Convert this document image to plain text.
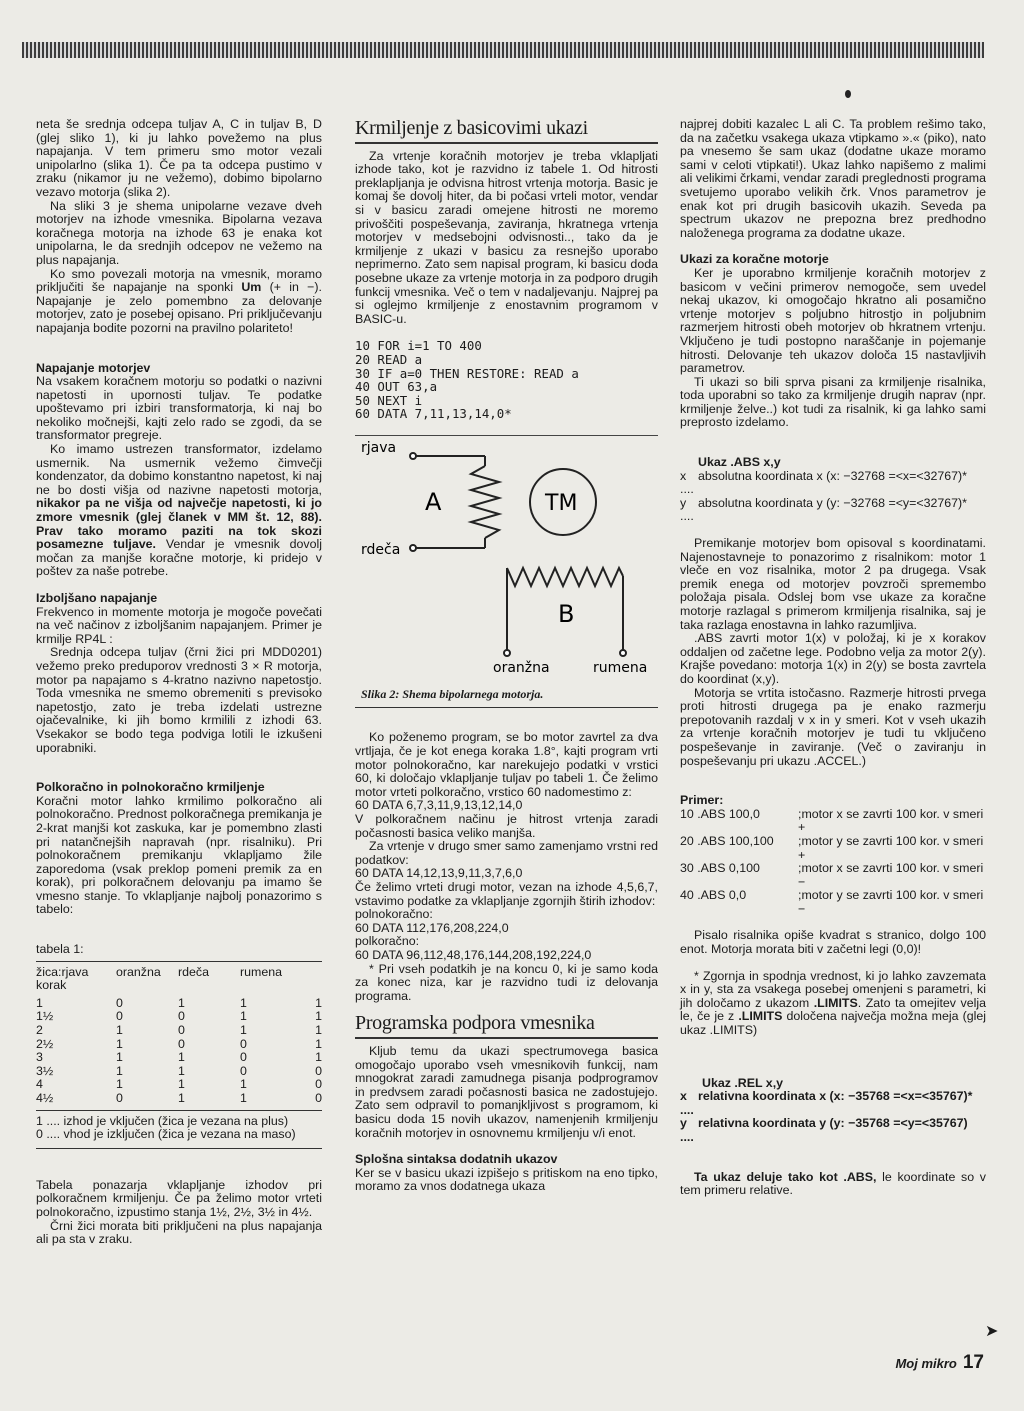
neta še srednja odcepa tuljav A, C in tuljav B, D (glej sliko 1), ki ju lahko povežemo na plus napajanja. V tem primeru smo motor vezali unipolarlno (slika 1). Če pa ta odcepa pustimo v zraku (nikamor ju ne vežemo), dobimo bipolarno vezavo motorja (slika 2).

Na sliki 3 je shema unipolarne vezave dveh motorjev na izhode vmesnika. Bipolarna vezava koračnega motorja na izhode 63 je enaka kot unipolarna, le da srednjih odcepov ne vežemo na plus napajanja.

Ko smo povezali motorja na vmesnik, moramo priključiti še napajanje na sponki Um (+ in −). Napajanje je zelo pomembno za delovanje motorjev, zato je posebej opisano. Pri priključevanju napajanja bodite pozorni na pravilno polariteto!

Napajanje motorjev

Na vsakem koračnem motorju so podatki o nazivni napetosti in upornosti tuljav. Te podatke upoštevamo pri izbiri transformatorja, ki naj bo nekoliko močnejši, kajti zelo rado se zgodi, da se transformator pregreje.

Ko imamo ustrezen transformator, izdelamo usmernik. Na usmernik vežemo čimvečji kondenzator, da dobimo konstantno napetost, ki naj ne bo dosti višja od nazivne napetosti motorja, nikakor pa ne višja od največje napetosti, ki jo zmore vmesnik (glej članek v MM št. 12, 88). Prav tako moramo paziti na tok skozi posamezne tuljave. Vendar je vmesnik dovolj močan za manjše koračne motorje, ki pridejo v poštev za naše potrebe.

Izboljšano napajanje

Frekvenco in momente motorja je mogoče povečati na več načinov z izboljšanim napajanjem. Primer je krmilje RP4L :

Srednja odcepa tuljav (črni žici pri MDD0201) vežemo preko preduporov vrednosti 3 × R motorja, motor pa napajamo s 4-kratno nazivno napetostjo. Toda vmesnika ne smemo obremeniti s previsoko napetostjo, zato je treba izdelati ustrezne ojačevalnike, ki jih bomo krmilili z izhodi 63. Vsekakor se bodo tega podviga lotili le izkušeni uporabniki.

Polkoračno in polnokoračno krmiljenje

Koračni motor lahko krmilimo polkoračno ali polnokoračno. Prednost polkoračnega premikanja je 2-krat manjši kot zaskuka, kar je pomembno zlasti pri natančnejših napravah (npr. risalniku). Pri polnokoračnem premikanju vklapljamo žile zaporedoma (vsak preklop pomeni premik za en korak), pri polkoračnem delovanju pa imamo še vmesno stanje. To vklapljanje najbolj ponazorimo s tabelo:

tabela 1:

žica:rjava korak	oranžna	rdeča	rumena	
1	0	1	1	1
1½	0	0	1	1
2	1	0	1	1
2½	1	0	0	1
3	1	1	0	1
3½	1	1	0	0
4	1	1	1	0
4½	0	1	1	0

1 .... izhod je vključen (žica je vezana na plus)

0 .... vhod je izključen (žica je vezana na maso)

Tabela ponazarja vklapljanje izhodov pri polkoračnem krmiljenju. Če pa želimo motor vrteti polnokoračno, izpustimo stanja 1½, 2½, 3½ in 4½.

Črni žici morata biti priključeni na plus napajanja ali pa sta v zraku.

Krmiljenje z basicovimi ukazi

Za vrtenje koračnih motorjev je treba vklapljati izhode tako, kot je razvidno iz tabele 1. Od hitrosti preklapljanja je odvisna hitrost vrtenja motorja. Basic je komaj še dovolj hiter, da bi počasi vrteli motor, vendar si v basicu zaradi omejene hitrosti ne moremo privoščiti pospeševanja, zaviranja, hkratnega vrtenja motorjev v medsebojni odvisnosti.., tako da je krmiljenje z ukazi v basicu za resnejšo uporabo neprimerno. Zato sem napisal program, ki basicu doda posebne ukaze za vrtenje motorja in za podporo drugih funkcij vmesnika. Več o tem v nadaljevanju. Najprej pa si oglejmo krmiljenje z enostavnim programom v BASIC-u.

10 FOR i=1 TO 400
20 READ a
30 IF a=0 THEN RESTORE: READ a
40 OUT 63,a
50 NEXT i
60 DATA 7,11,13,14,0*
rjava
rdeča
A	TM
B
oranžna	rumena

Slika 2: Shema bipolarnega motorja.

Ko poženemo program, se bo motor zavrtel za dva vrtljaja, če je kot enega koraka 1.8°, kajti program vrti motor polnokoračno, kar narekujejo podatki v vrstici 60, ki določajo vklapljanje tuljav po tabeli 1. Če želimo motor vrteti polkoračno, vrstico 60 nadomestimo z:

60 DATA 6,7,3,11,9,13,12,14,0

V polkoračnem načinu je hitrost vrtenja zaradi počasnosti basica veliko manjša.

Za vrtenje v drugo smer samo zamenjamo vrstni red podatkov:

60 DATA 14,12,13,9,11,3,7,6,0

Če želimo vrteti drugi motor, vezan na izhode 4,5,6,7, vstavimo podatke za vklapljanje zgornjih štirih izhodov:

polnokoračno:

60 DATA 112,176,208,224,0

polkoračno:

60 DATA 96,112,48,176,144,208,192,224,0

* Pri vseh podatkih je na koncu 0, ki je samo koda za konec niza, kar je razvidno tudi iz delovanja programa.

Programska podpora vmesnika

Kljub temu da ukazi spectrumovega basica omogočajo uporabo vseh vmesnikovih funkcij, nam mnogokrat zaradi zamudnega pisanja podprogramov in predvsem zaradi počasnosti basica ne zadostujejo. Zato sem odpravil to pomanjkljivost s programom, ki basicu doda 15 novih ukazov, namenjenih krmiljenju koračnih motorjev in osnovnemu krmiljenju v/i enot.

Splošna sintaksa dodatnih ukazov

Ker se v basicu ukazi izpišejo s pritiskom na eno tipko, moramo za vnos dodatnega ukaza

najprej dobiti kazalec L ali C. Ta problem rešimo tako, da na začetku vsakega ukaza vtipkamo ».« (piko), nato pa vnesemo še sam ukaz (dodatne ukaze moramo sami v celoti vtipkati!). Ukaz lahko napišemo z malimi ali velikimi črkami, vendar zaradi preglednosti programa svetujemo uporabo velikih črk. Vnos parametrov je enak kot pri drugih basicovih ukazih. Seveda pa spectrum ukazov ne prepozna brez predhodno naloženega programa za dodatne ukaze.

Ukazi za koračne motorje

Ker je uporabno krmiljenje koračnih motorjev z basicom v večini primerov nemogoče, sem uvedel nekaj ukazov, ki omogočajo hkratno ali posamično vrtenje motorjev s poljubno hitrostjo in poljubnim razmerjem hitrosti obeh motorjev ob hkratnem vrtenju. Vključeno je tudi postopno naraščanje in pojemanje hitrosti. Delovanje teh ukazov določa 15 nastavljivih parametrov.

Ti ukazi so bili sprva pisani za krmiljenje risalnika, toda uporabni so tako za krmiljenje drugih naprav (npr. krmiljenje želve..) kot tudi za risalnik, ki ga lahko sami preprosto izdelamo.

Ukaz .ABS x,y

x ....	absolutna koordinata x (x: −32768 =<x=<32767)*
y ....	absolutna koordinata y (y: −32768 =<y=<32767)*

Premikanje motorjev bom opisoval s koordinatami. Najenostavneje to ponazorimo z risalnikom: motor 1 vleče en voz risalnika, motor 2 pa drugega. Vsak premik enega od motorjev povzroči spremembo položaja pisala. Odslej bom vse ukaze za koračne motorje razlagal s primerom krmiljenja risalnika, saj je taka razlaga enostavna in lahko razumljiva.

.ABS zavrti motor 1(x) v položaj, ki je x korakov oddaljen od začetne lege. Podobno velja za motor 2(y). Krajše povedano: motorja 1(x) in 2(y) se bosta zavrtela do koordinat (x,y).

Motorja se vrtita istočasno. Razmerje hitrosti prvega proti hitrosti drugega pa je enako razmerju prepotovanih razdalj v x in y smeri. Kot v vseh ukazih za vrtenje koračnih motorjev je tudi tu vključeno pospeševanje in zaviranje. (Več o zaviranju in pospeševanju pri ukazu .ACCEL.)

Primer:

10 .ABS 100,0	;motor x se zavrti 100 kor. v smeri +
20 .ABS 100,100	;motor y se zavrti 100 kor. v smeri +
30 .ABS 0,100	;motor x se zavrti 100 kor. v smeri −
40 .ABS 0,0	;motor y se zavrti 100 kor. v smeri −

Pisalo risalnika opiše kvadrat s stranico, dolgo 100 enot. Motorja morata biti v začetni legi (0,0)!

* Zgornja in spodnja vrednost, ki jo lahko zavzemata x in y, sta za vsakega posebej omenjeni s parametri, ki jih določamo z ukazom .LIMITS. Zato ta omejitev velja le, če je z .LIMITS določena največja možna meja (glej ukaz .LIMITS)

Ukaz .REL x,y

x ....	relativna koordinata x (x: −35768 =<x=<35767)*
y ....	relativna koordinata y (y: −35768 =<y=<35767)

Ta ukaz deluje tako kot .ABS, le koordinate so v tem primeru relative.

➤
Moj mikro 17
